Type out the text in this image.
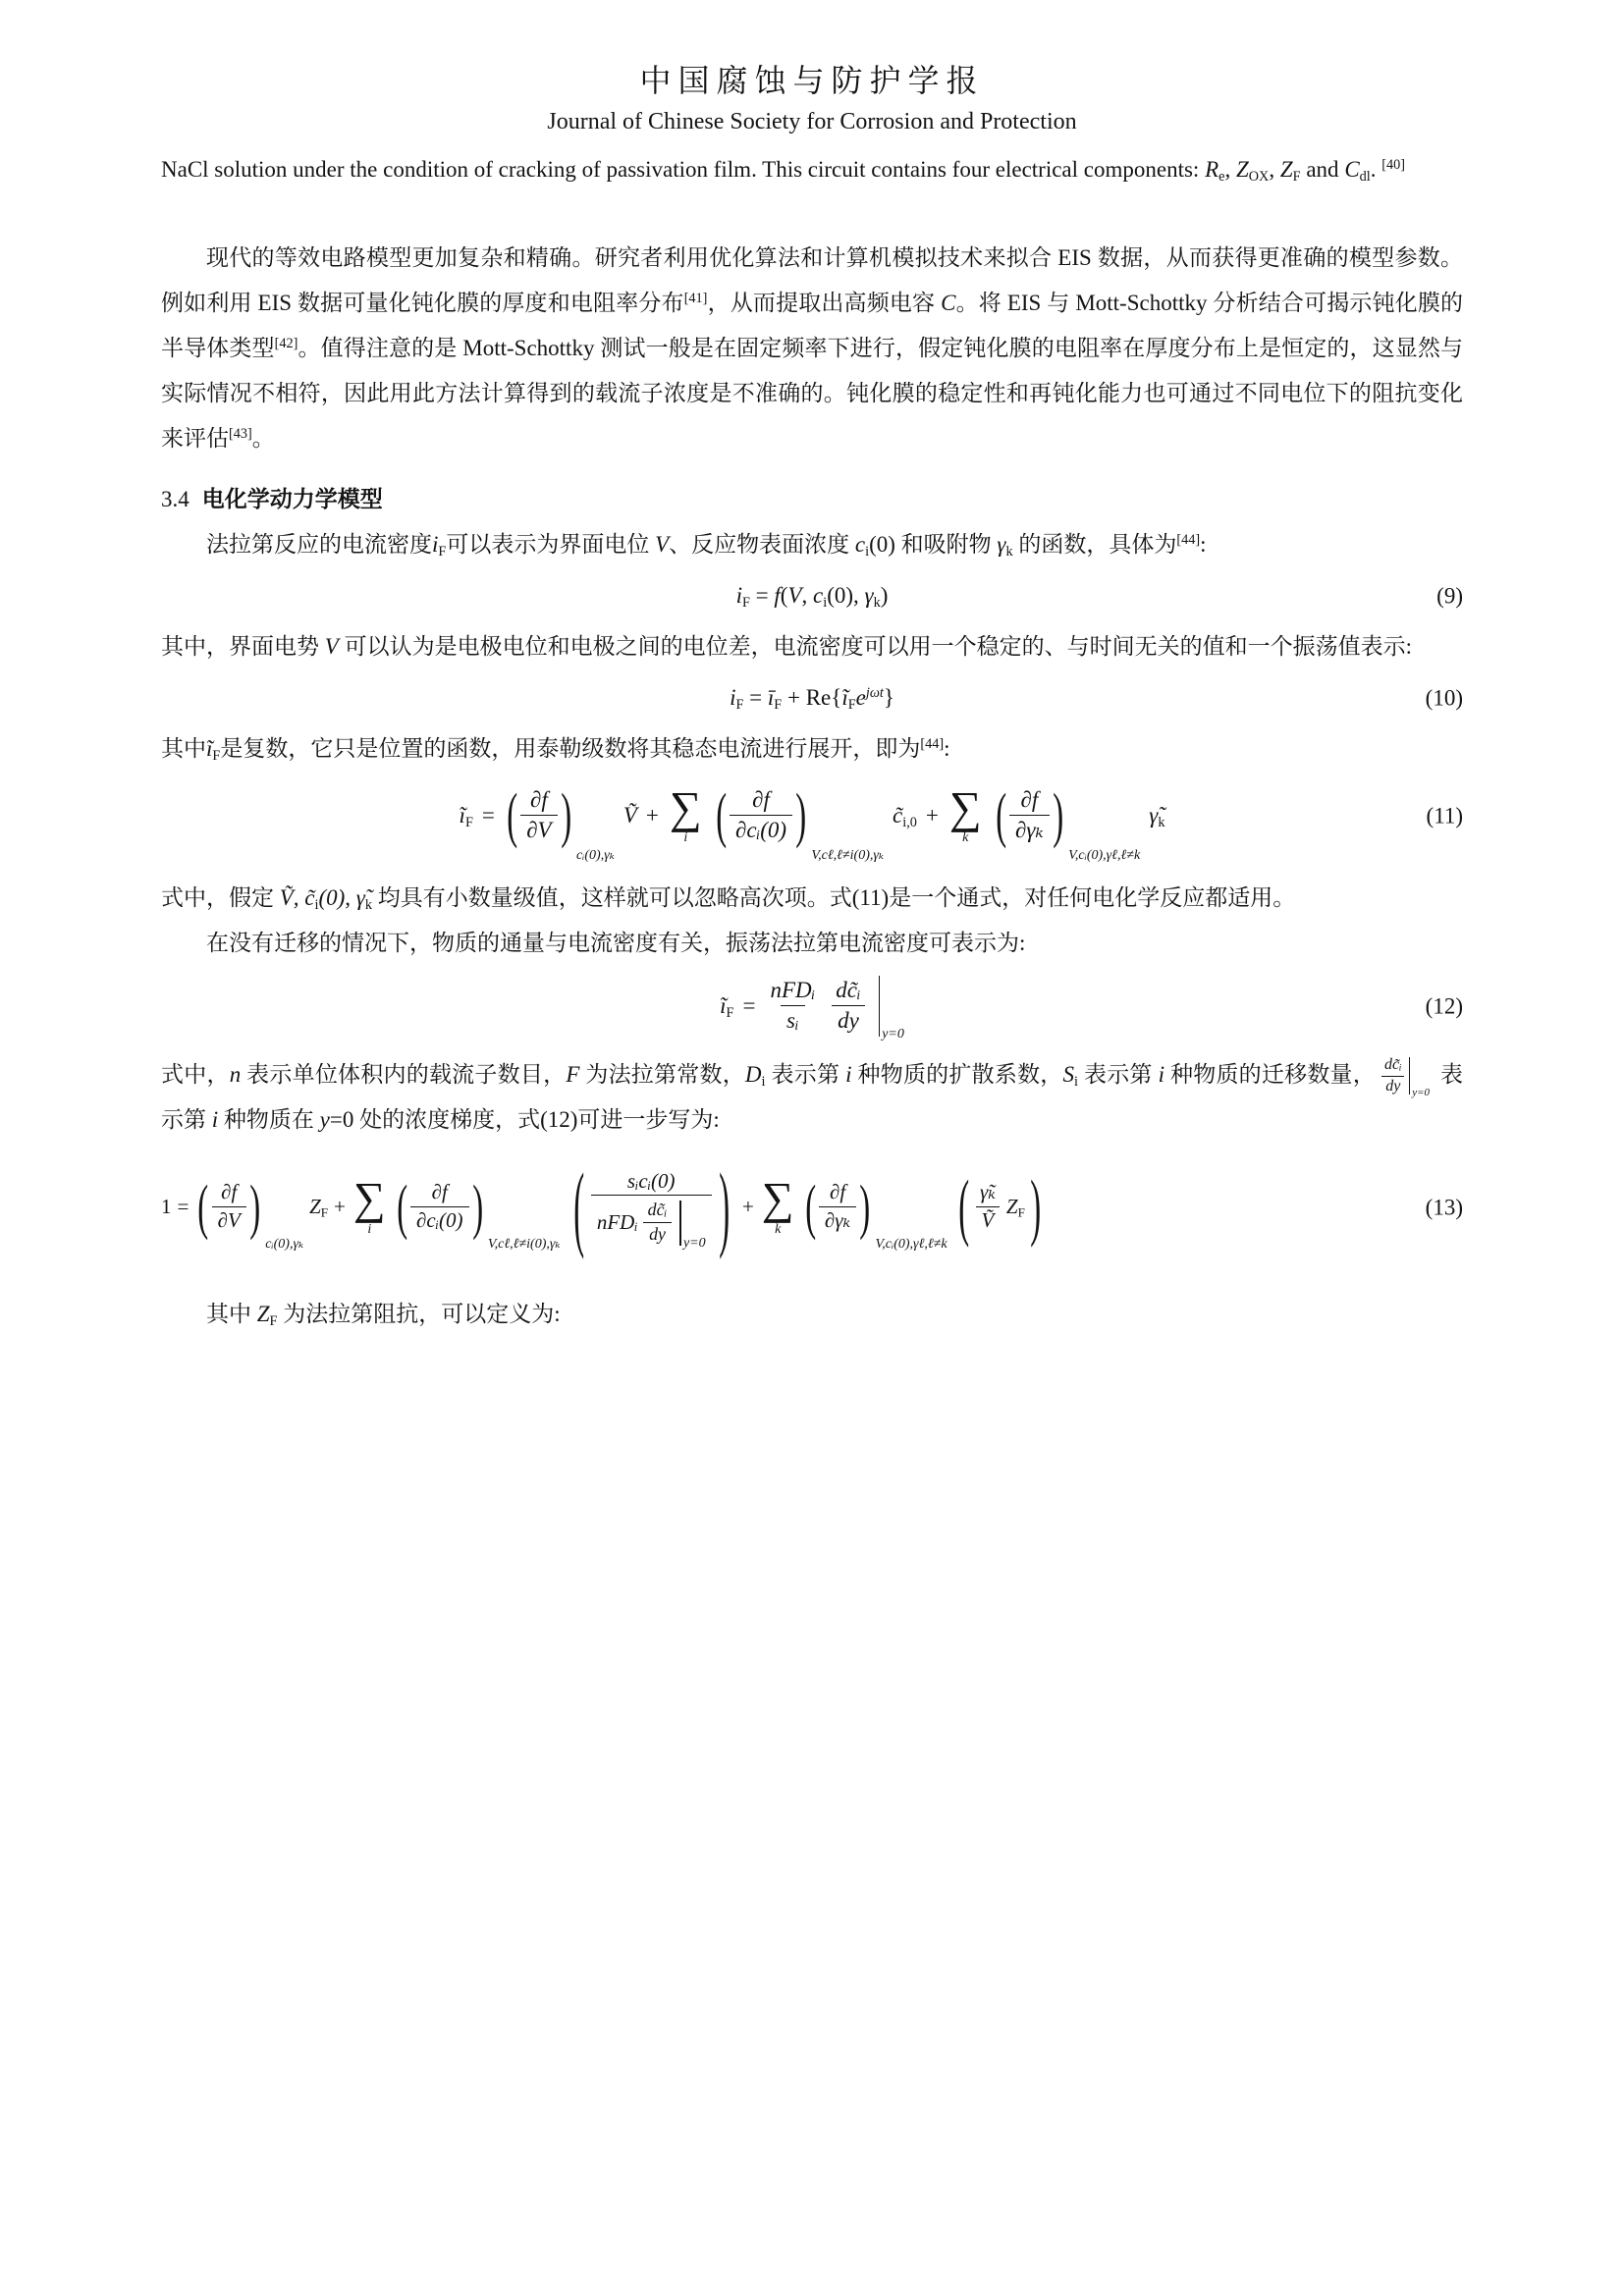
中国腐蚀与防护学报
Journal of Chinese Society for Corrosion and Protection

NaCl solution under the condition of cracking of passivation film. This circuit contains four electrical components: $R_e$, $Z_{OX}$, $Z_F$ and $C_{dl}$. [40]

现代的等效电路模型更加复杂和精确。研究者利用优化算法和计算机模拟技术来拟合 EIS 数据，从而获得更准确的模型参数。例如利用 EIS 数据可量化钝化膜的厚度和电阻率分布[41]，从而提取出高频电容 C。将 EIS 与 Mott-Schottky 分析结合可揭示钝化膜的半导体类型[42]。值得注意的是 Mott-Schottky 测试一般是在固定频率下进行，假定钝化膜的电阻率在厚度分布上是恒定的，这显然与实际情况不相符，因此用此方法计算得到的载流子浓度是不准确的。钝化膜的稳定性和再钝化能力也可通过不同电位下的阻抗变化来评估[43]。

3.4 电化学动力学模型

法拉第反应的电流密度$i_F$可以表示为界面电位 V、反应物表面浓度 $c_i(0)$ 和吸附物 $\gamma_k$ 的函数，具体为[44]:

$i_F = f(V$, $c_i(0)$, $\gamma_k$)	(9)

其中，界面电势 V 可以认为是电极电位和电极之间的电位差，电流密度可以用一个稳定的、与时间无关的值和一个振荡值表示:

$i_F$ = $ī_F$ + $Re\{ĩ_Fe^{j\omega t}\}$	(10)

其中$ĩ_F$是复数，它只是位置的函数，用泰勒级数将其稳态电流进行展开，即为[44]:

$ĩ_F$ = ( $\frac{\partial f}{\partial V}$ )
cᵢ(0),γₖ
Ṽ + ∑
i ( $\frac{\partial f}{\text{∂cᵢ(0)}}$ )
V,cℓ,ℓ≠i(0),γₖ
$c̃_{i,0}$ + ∑
k ( $\frac{\partial f}{\text{∂γₖ}}$ )
V,cᵢ(0),γℓ,ℓ≠k
$\gammã_k$	(11)

式中，假定 Ṽ, $c̃_i(0)$, $\gammã_k$ 均具有小数量级值，这样就可以忽略高次项。式(11)是一个通式，对任何电化学反应都适用。

在没有迁移的情况下，物质的通量与电流密度有关，振荡法拉第电流密度可表示为:

$ĩ_F = \frac{\text{nFDᵢ}}{\text{sᵢ}} \frac{\text{dc̃ᵢ}}{dy} y=0$
(12)

式中，n 表示单位体积内的载流子数目，F 为法拉第常数，$D_i$ 表示第 i 种物质的扩散系数，$S_i$ 表示第 i 种物质的迁移数量， $\frac{\text{dc̃ᵢ}}{dy} y=0$
表示第 i 种物质在 y=0 处的浓度梯度，式(12)可进一步写为:

1 = ( $\frac{\partial f}{\partial V}$ )
cᵢ(0),γₖ
$Z_F$ + ∑
i ( $\frac{\partial f}{\text{∂cᵢ(0)}}$ )
V,cℓ,ℓ≠i(0),γₖ ( $\frac{\text{sᵢcᵢ(0)}}{nFDᵢ \frac{\text{dc̃ᵢ}}{dy} y=0}$ ) + ∑
k ( $\frac{\partial f}{\text{∂γₖ}}$ )
V,cᵢ(0),γℓ,ℓ≠k ( $\frac{\text{γ̃ₖ}}{\text{Ṽ}} Z_F$ )	(13)

其中 $Z_F$ 为法拉第阻抗，可以定义为:
